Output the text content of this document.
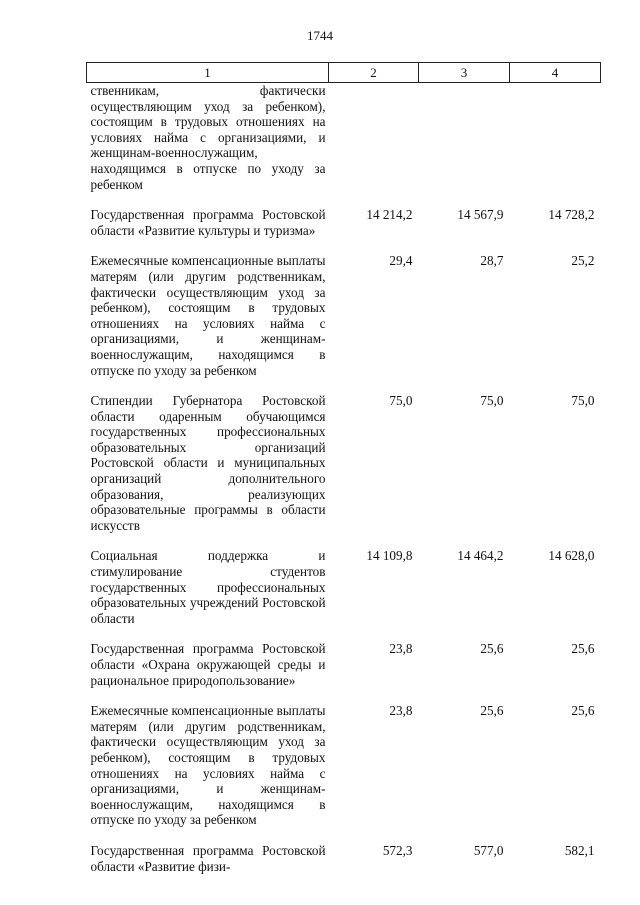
1744
1	2	3	4
ственникам, фактически осуществляющим уход за ребенком), состоящим в трудовых отношениях на условиях найма с организациями, и женщинам-военнослужащим, находящимся в отпуске по уходу за ребенком			
Государственная программа Ростовской области «Развитие культуры и туризма»	14 214,2	14 567,9	14 728,2
Ежемесячные компенсационные выплаты матерям (или другим родственникам, фактически осуществляющим уход за ребенком), состоящим в трудовых отношениях на условиях найма с организациями, и женщинам-военнослужащим, находящимся в отпуске по уходу за ребенком	29,4	28,7	25,2
Стипендии Губернатора Ростовской области одаренным обучающимся государственных профессиональных образовательных организаций Ростовской области и муниципальных организаций дополнительного образования, реализующих образовательные программы в области искусств	75,0	75,0	75,0
Социальная поддержка и стимулирование студентов государственных профессиональных образовательных учреждений Ростовской области	14 109,8	14 464,2	14 628,0
Государственная программа Ростовской области «Охрана окружающей среды и рациональное природопользование»	23,8	25,6	25,6
Ежемесячные компенсационные выплаты матерям (или другим родственникам, фактически осуществляющим уход за ребенком), состоящим в трудовых отношениях на условиях найма с организациями, и женщинам-военнослужащим, находящимся в отпуске по уходу за ребенком	23,8	25,6	25,6
Государственная программа Ростовской области «Развитие физи-	572,3	577,0	582,1
